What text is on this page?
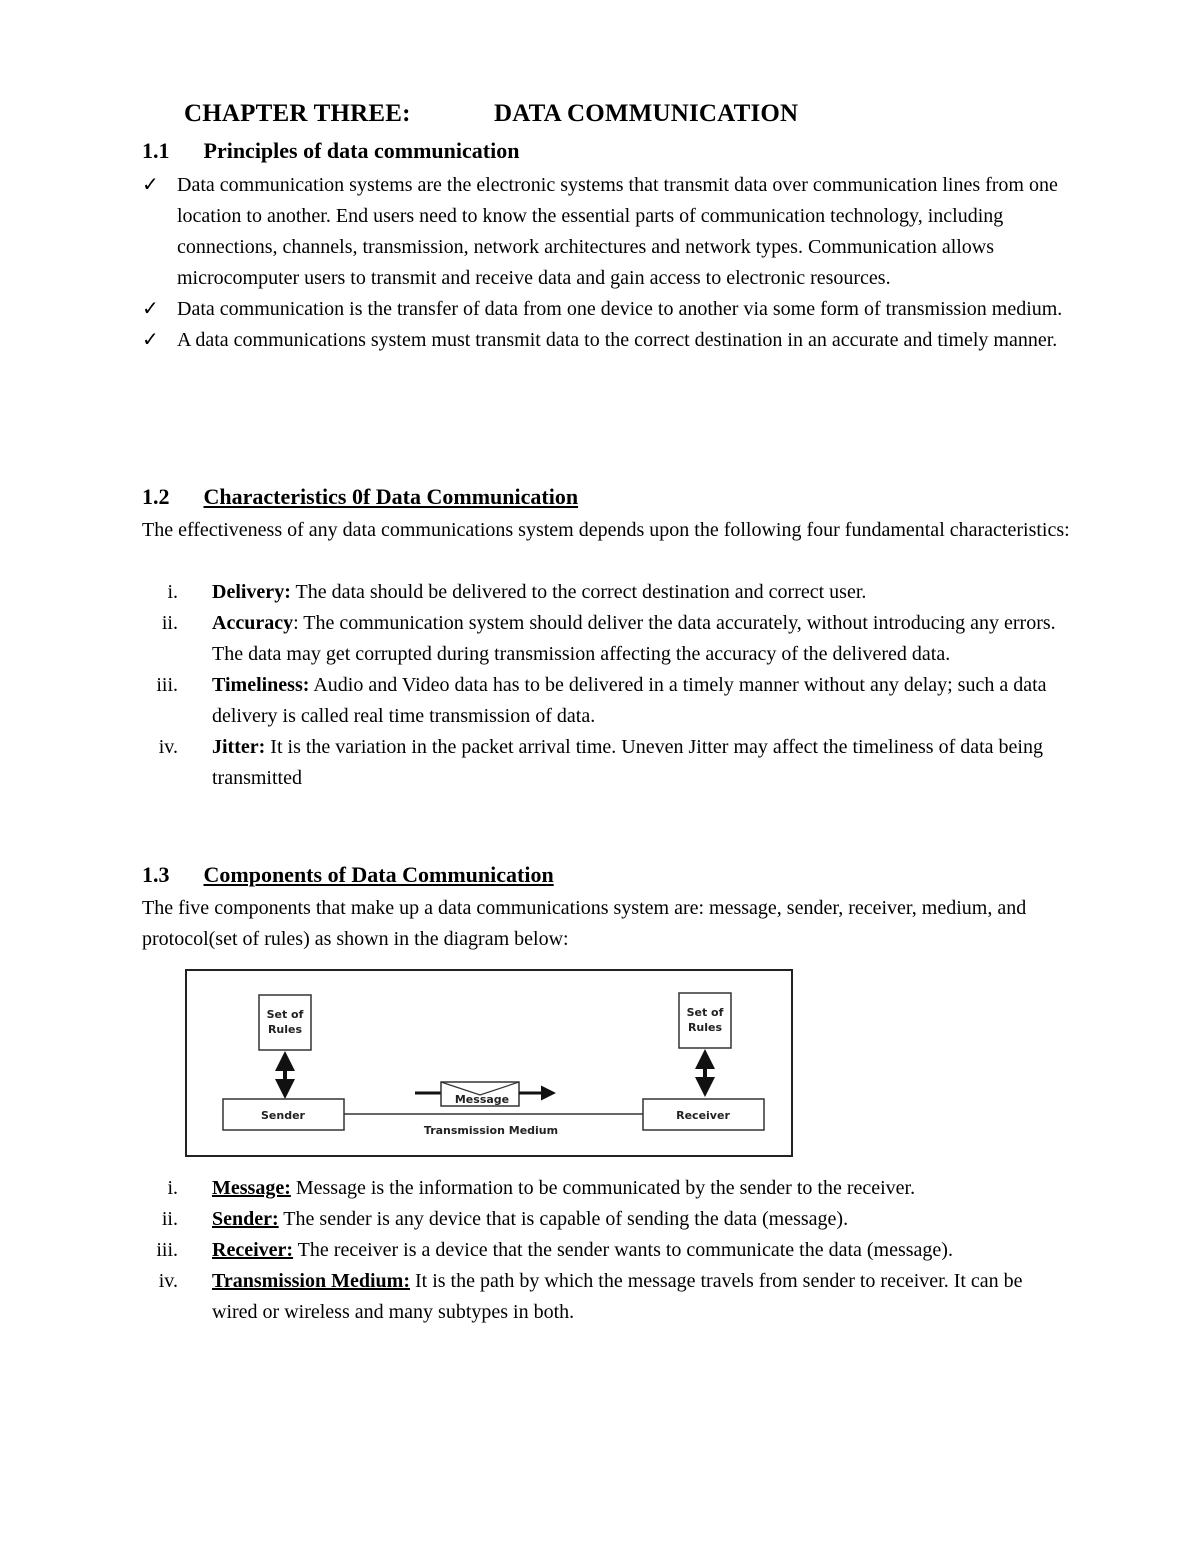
CHAPTER THREE:	DATA COMMUNICATION
1.1 Principles of data communication
✓ Data communication systems are the electronic systems that transmit data over communication lines from one location to another. End users need to know the essential parts of communication technology, including connections, channels, transmission, network architectures and network types. Communication allows microcomputer users to transmit and receive data and gain access to electronic resources.
✓ Data communication is the transfer of data from one device to another via some form of transmission medium.
✓ A data communications system must transmit data to the correct destination in an accurate and timely manner.
1.2 Characteristics 0f Data Communication
The effectiveness of any data communications system depends upon the following four fundamental characteristics:
i. Delivery: The data should be delivered to the correct destination and correct user.
ii. Accuracy: The communication system should deliver the data accurately, without introducing any errors. The data may get corrupted during transmission affecting the accuracy of the delivered data.
iii. Timeliness: Audio and Video data has to be delivered in a timely manner without any delay; such a data delivery is called real time transmission of data.
iv. Jitter: It is the variation in the packet arrival time. Uneven Jitter may affect the timeliness of data being transmitted
1.3 Components of Data Communication
The five components that make up a data communications system are: message, sender, receiver, medium, and protocol(set of rules) as shown in the diagram below:
Set of
Rules
Set of
Rules
Sender	Receiver
Message
Transmission Medium
i. Message: Message is the information to be communicated by the sender to the receiver.
ii. Sender: The sender is any device that is capable of sending the data (message).
iii. Receiver: The receiver is a device that the sender wants to communicate the data (message).
iv. Transmission Medium: It is the path by which the message travels from sender to receiver. It can be wired or wireless and many subtypes in both.
